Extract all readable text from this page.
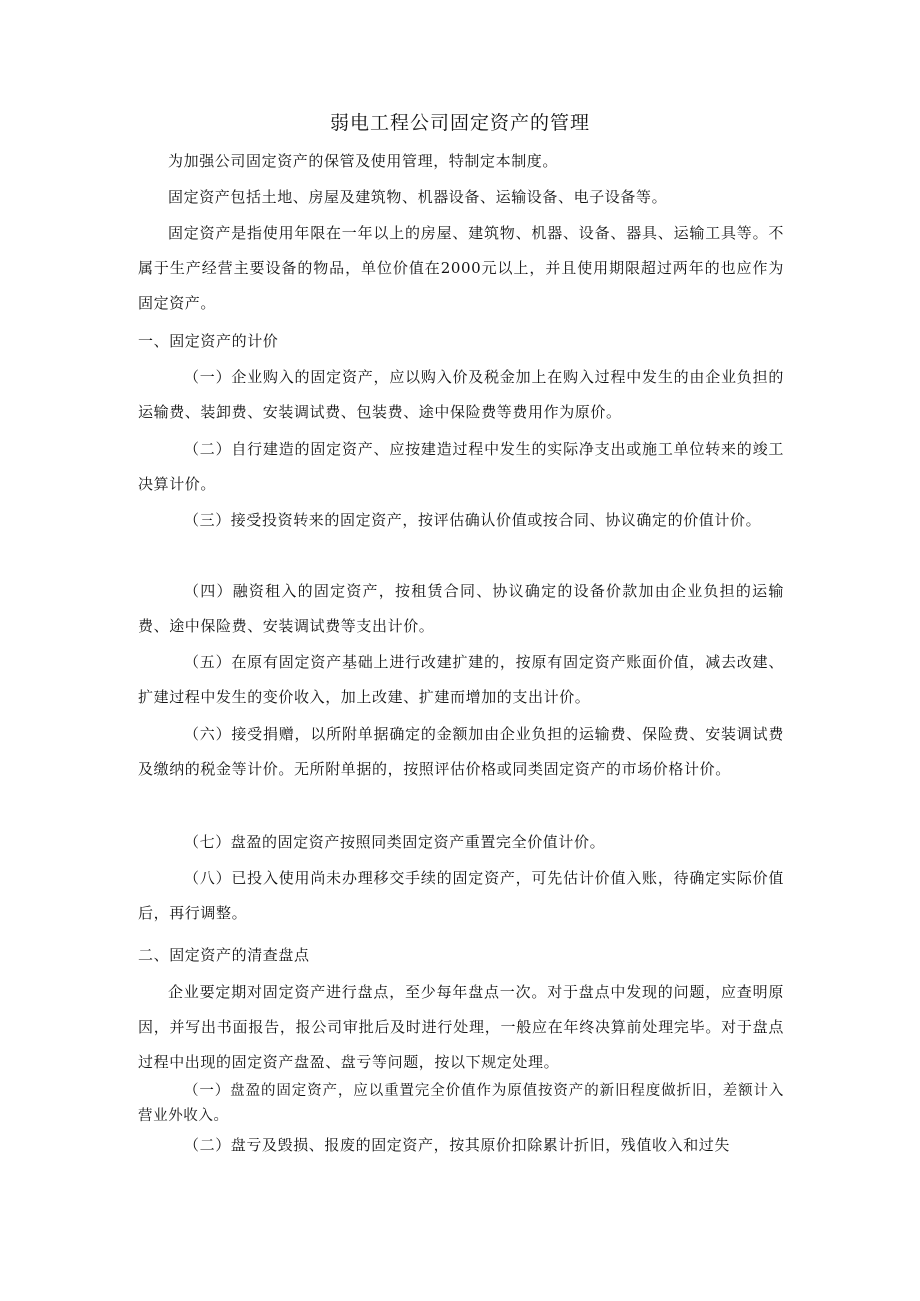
弱电工程公司固定资产的管理

为加强公司固定资产的保管及使用管理，特制定本制度。

固定资产包括土地、房屋及建筑物、机器设备、运输设备、电子设备等。

固定资产是指使用年限在一年以上的房屋、建筑物、机器、设备、器具、运输工具等。不属于生产经营主要设备的物品，单位价值在2000元以上，并且使用期限超过两年的也应作为固定资产。

一、固定资产的计价

（一）企业购入的固定资产，应以购入价及税金加上在购入过程中发生的由企业负担的运输费、装卸费、安装调试费、包装费、途中保险费等费用作为原价。

（二）自行建造的固定资产、应按建造过程中发生的实际净支出或施工单位转来的竣工决算计价。

（三）接受投资转来的固定资产，按评估确认价值或按合同、协议确定的价值计价。

（四）融资租入的固定资产，按租赁合同、协议确定的设备价款加由企业负担的运输费、途中保险费、安装调试费等支出计价。

（五）在原有固定资产基础上进行改建扩建的，按原有固定资产账面价值，减去改建、扩建过程中发生的变价收入，加上改建、扩建而增加的支出计价。

（六）接受捐赠，以所附单据确定的金额加由企业负担的运输费、保险费、安装调试费及缴纳的税金等计价。无所附单据的，按照评估价格或同类固定资产的市场价格计价。

（七）盘盈的固定资产按照同类固定资产重置完全价值计价。

（八）已投入使用尚未办理移交手续的固定资产，可先估计价值入账，待确定实际价值后，再行调整。

二、固定资产的清查盘点

企业要定期对固定资产进行盘点，至少每年盘点一次。对于盘点中发现的问题，应查明原因，并写出书面报告，报公司审批后及时进行处理，一般应在年终决算前处理完毕。对于盘点过程中出现的固定资产盘盈、盘亏等问题，按以下规定处理。

（一）盘盈的固定资产，应以重置完全价值作为原值按资产的新旧程度做折旧，差额计入营业外收入。

（二）盘亏及毁损、报废的固定资产，按其原价扣除累计折旧，残值收入和过失
